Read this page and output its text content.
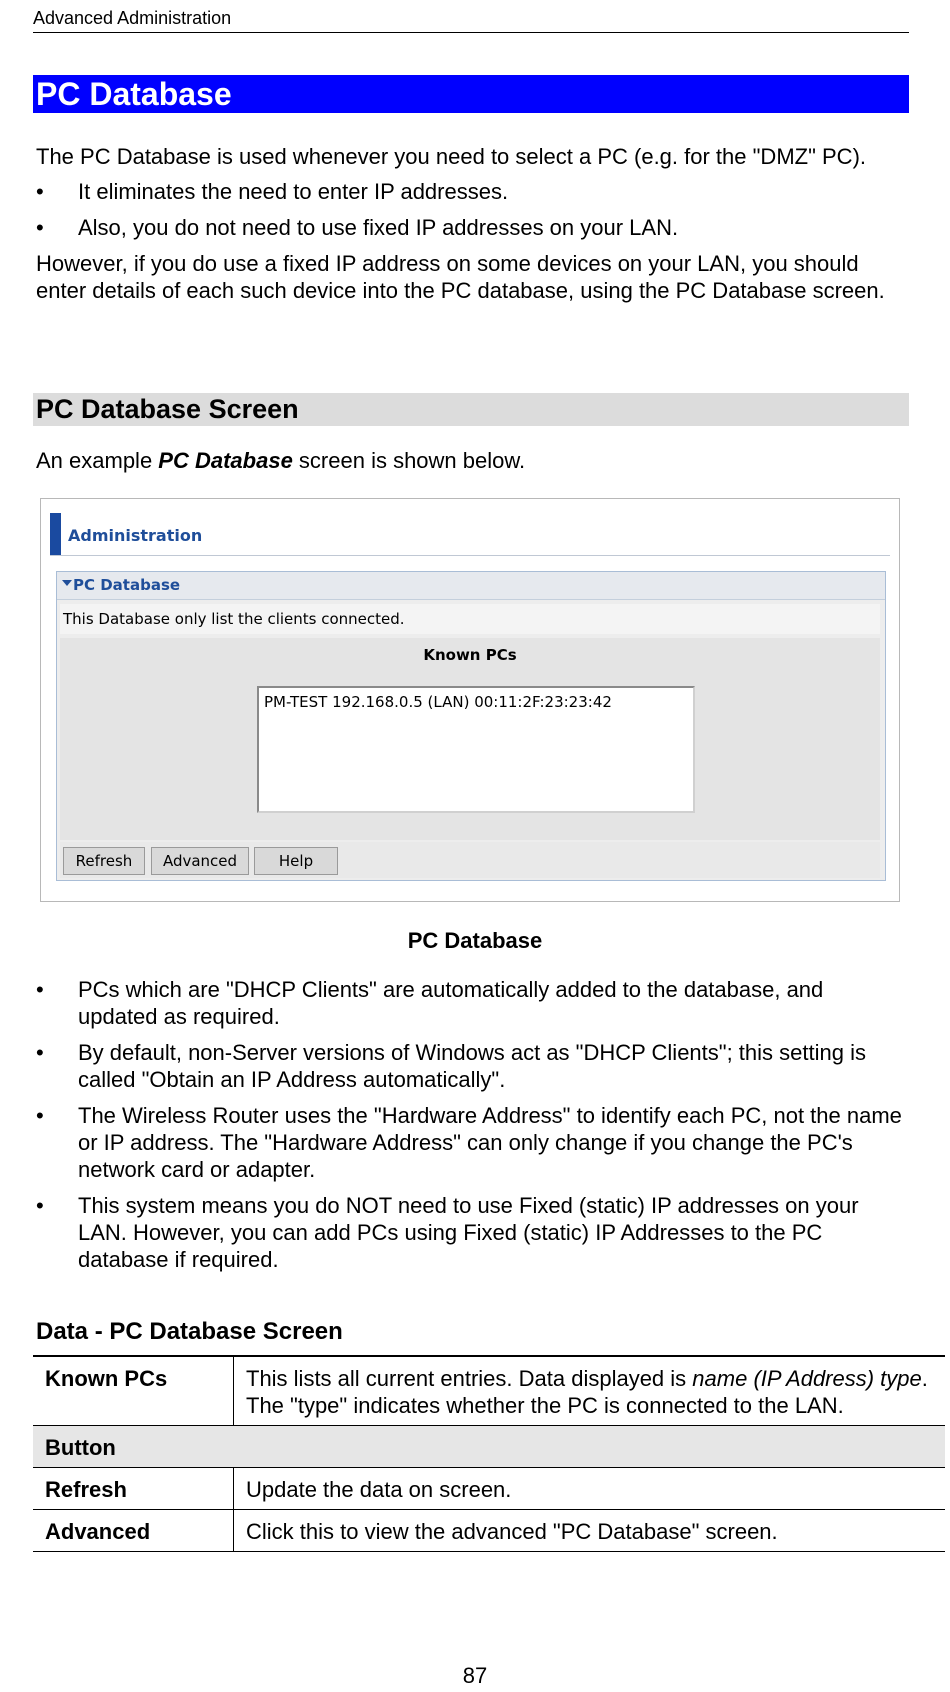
Advanced Administration
PC Database

The PC Database is used whenever you need to select a PC (e.g. for the "DMZ" PC).

• It eliminates the need to enter IP addresses.
• Also, you do not need to use fixed IP addresses on your LAN.

However, if you do use a fixed IP address on some devices on your LAN, you should enter details of each such device into the PC database, using the PC Database screen.

PC Database Screen
An example PC Database screen is shown below.
Administration
PC Database
This Database only list the clients connected.
Known PCs
PM-TEST 192.168.0.5 (LAN) 00:11:2F:23:23:42
Refresh	Advanced	Help
PC Database
• PCs which are "DHCP Clients" are automatically added to the database, and updated as required.
• By default, non-Server versions of Windows act as "DHCP Clients"; this setting is called "Obtain an IP Address automatically".
• The Wireless Router uses the "Hardware Address" to identify each PC, not the name or IP address. The "Hardware Address" can only change if you change the PC's network card or adapter.
• This system means you do NOT need to use Fixed (static) IP addresses on your LAN. However, you can add PCs using Fixed (static) IP Addresses to the PC database if required.
Data - PC Database Screen
Known PCs	This lists all current entries. Data displayed is name (IP Address) type. The "type" indicates whether the PC is connected to the LAN.
Button	
Refresh	Update the data on screen.
Advanced	Click this to view the advanced "PC Database" screen.
87
